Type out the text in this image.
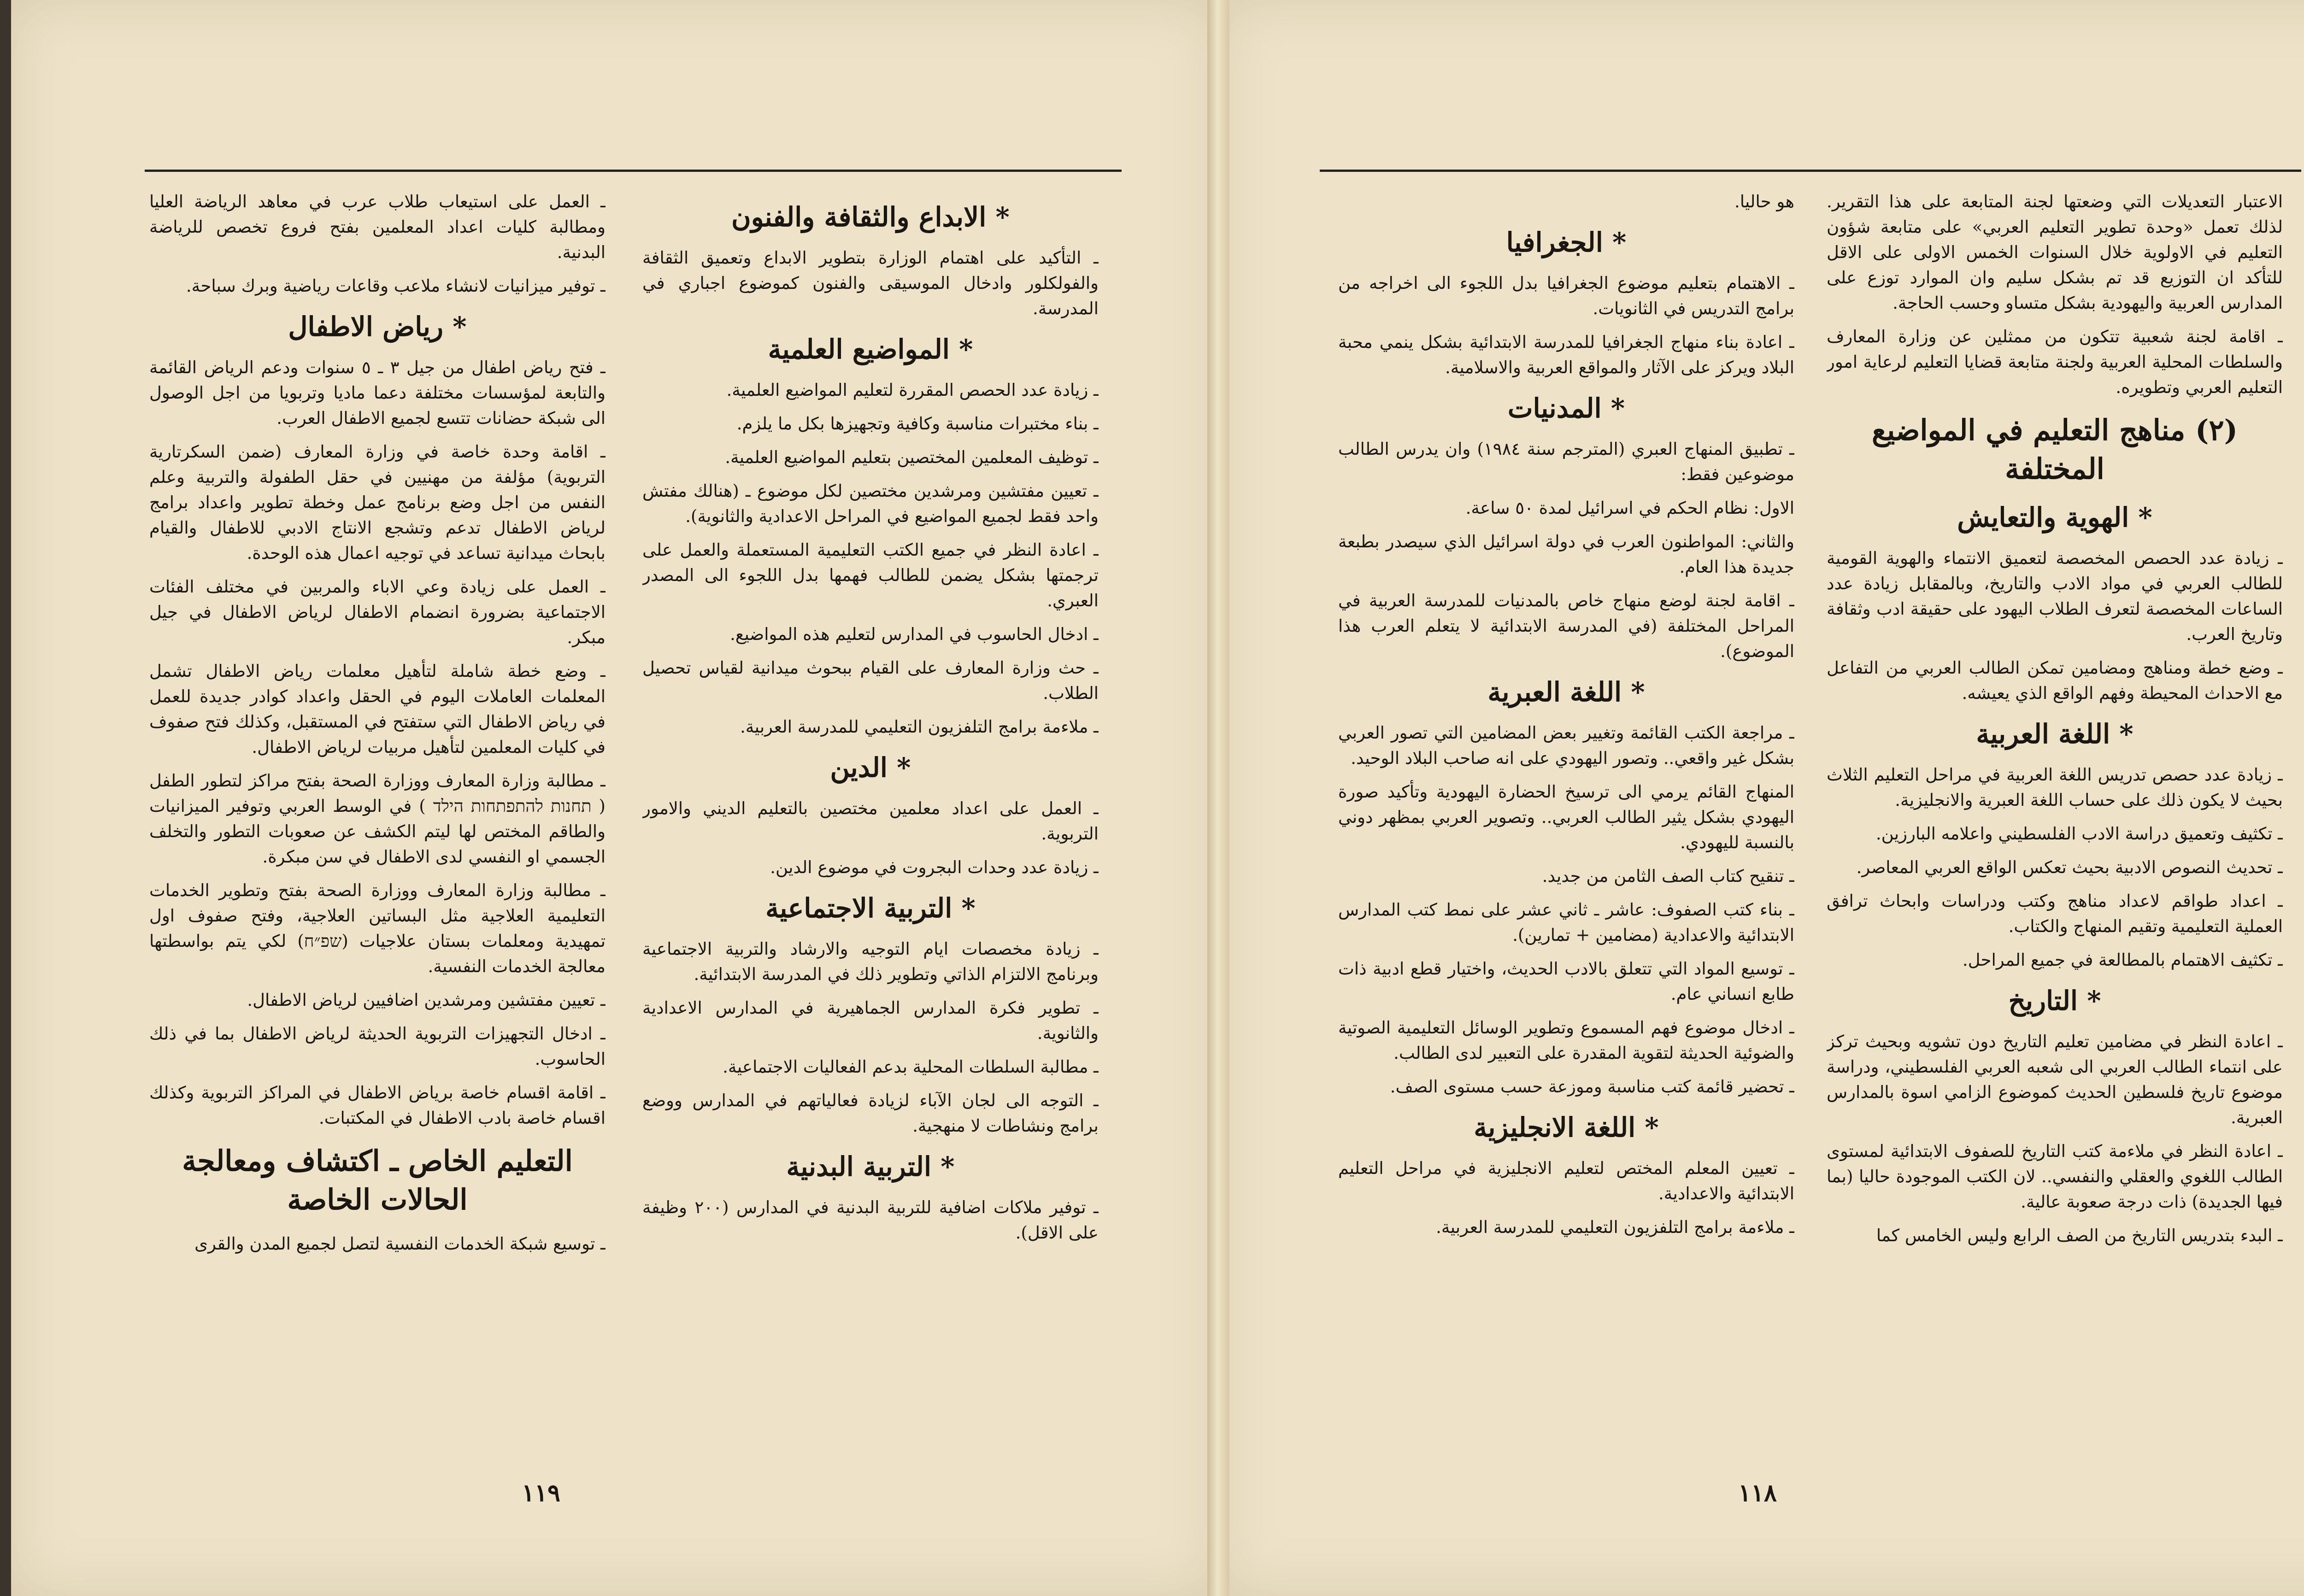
* الابداع والثقافة والفنون

ـ التأكيد على اهتمام الوزارة بتطوير الابداع وتعميق الثقافة والفولكلور وادخال الموسيقى والفنون كموضوع اجباري في المدرسة.

* المواضيع العلمية

ـ زيادة عدد الحصص المقررة لتعليم المواضيع العلمية.

ـ بناء مختبرات مناسبة وكافية وتجهيزها بكل ما يلزم.

ـ توظيف المعلمين المختصين بتعليم المواضيع العلمية.

ـ تعيين مفتشين ومرشدين مختصين لكل موضوع ـ (هنالك مفتش واحد فقط لجميع المواضيع في المراحل الاعدادية والثانوية).

ـ اعادة النظر في جميع الكتب التعليمية المستعملة والعمل على ترجمتها بشكل يضمن للطالب فهمها بدل اللجوء الى المصدر العبري.

ـ ادخال الحاسوب في المدارس لتعليم هذه المواضيع.

ـ حث وزارة المعارف على القيام ببحوث ميدانية لقياس تحصيل الطلاب.

ـ ملاءمة برامج التلفزيون التعليمي للمدرسة العربية.

* الدين

ـ العمل على اعداد معلمين مختصين بالتعليم الديني والامور التربوية.

ـ زيادة عدد وحدات البجروت في موضوع الدين.

* التربية الاجتماعية

ـ زيادة مخصصات ايام التوجيه والارشاد والتربية الاجتماعية وبرنامج الالتزام الذاتي وتطوير ذلك في المدرسة الابتدائية.

ـ تطوير فكرة المدارس الجماهيرية في المدارس الاعدادية والثانوية.

ـ مطالبة السلطات المحلية بدعم الفعاليات الاجتماعية.

ـ التوجه الى لجان الآباء لزيادة فعالياتهم في المدارس ووضع برامج ونشاطات لا منهجية.

* التربية البدنية

ـ توفير ملاكات اضافية للتربية البدنية في المدارس (٢٠٠ وظيفة على الاقل).

ـ العمل على استيعاب طلاب عرب في معاهد الرياضة العليا ومطالبة كليات اعداد المعلمين بفتح فروع تخصص للرياضة البدنية.

ـ توفير ميزانيات لانشاء ملاعب وقاعات رياضية وبرك سباحة.

* رياض الاطفال

ـ فتح رياض اطفال من جيل ٣ ـ ٥ سنوات ودعم الرياض القائمة والتابعة لمؤسسات مختلفة دعما ماديا وتربويا من اجل الوصول الى شبكة حضانات تتسع لجميع الاطفال العرب.

ـ اقامة وحدة خاصة في وزارة المعارف (ضمن السكرتارية التربوية) مؤلفة من مهنيين في حقل الطفولة والتربية وعلم النفس من اجل وضع برنامج عمل وخطة تطوير واعداد برامج لرياض الاطفال تدعم وتشجع الانتاج الادبي للاطفال والقيام بابحاث ميدانية تساعد في توجيه اعمال هذه الوحدة.

ـ العمل على زيادة وعي الاباء والمربين في مختلف الفئات الاجتماعية بضرورة انضمام الاطفال لرياض الاطفال في جيل مبكر.

ـ وضع خطة شاملة لتأهيل معلمات رياض الاطفال تشمل المعلمات العاملات اليوم في الحقل واعداد كوادر جديدة للعمل في رياض الاطفال التي ستفتح في المستقبل، وكذلك فتح صفوف في كليات المعلمين لتأهيل مربيات لرياض الاطفال.

ـ مطالبة وزارة المعارف ووزارة الصحة بفتح مراكز لتطور الطفل ( תחנות להתפתחות הילד ) في الوسط العربي وتوفير الميزانيات والطاقم المختص لها ليتم الكشف عن صعوبات التطور والتخلف الجسمي او النفسي لدى الاطفال في سن مبكرة.

ـ مطالبة وزارة المعارف ووزارة الصحة بفتح وتطوير الخدمات التعليمية العلاجية مثل البساتين العلاجية، وفتح صفوف اول تمهيدية ومعلمات بستان علاجيات (שפ״ח) لكي يتم بواسطتها معالجة الخدمات النفسية.

ـ تعيين مفتشين ومرشدين اضافيين لرياض الاطفال.

ـ ادخال التجهيزات التربوية الحديثة لرياض الاطفال بما في ذلك الحاسوب.

ـ اقامة اقسام خاصة برياض الاطفال في المراكز التربوية وكذلك اقسام خاصة بادب الاطفال في المكتبات.

التعليم الخاص ـ اكتشاف ومعالجة الحالات الخاصة

ـ توسيع شبكة الخدمات النفسية لتصل لجميع المدن والقرى

١١٩

الاعتبار التعديلات التي وضعتها لجنة المتابعة على هذا التقرير. لذلك تعمل «وحدة تطوير التعليم العربي» على متابعة شؤون التعليم في الاولوية خلال السنوات الخمس الاولى على الاقل للتأكد ان التوزيع قد تم بشكل سليم وان الموارد توزع على المدارس العربية واليهودية بشكل متساو وحسب الحاجة.

ـ اقامة لجنة شعبية تتكون من ممثلين عن وزارة المعارف والسلطات المحلية العربية ولجنة متابعة قضايا التعليم لرعاية امور التعليم العربي وتطويره.

(٢) مناهج التعليم في المواضيع المختلفة
* الهوية والتعايش

ـ زيادة عدد الحصص المخصصة لتعميق الانتماء والهوية القومية للطالب العربي في مواد الادب والتاريخ، وبالمقابل زيادة عدد الساعات المخصصة لتعرف الطلاب اليهود على حقيقة ادب وثقافة وتاريخ العرب.

ـ وضع خطة ومناهج ومضامين تمكن الطالب العربي من التفاعل مع الاحداث المحيطة وفهم الواقع الذي يعيشه.

* اللغة العربية

ـ زيادة عدد حصص تدريس اللغة العربية في مراحل التعليم الثلاث بحيث لا يكون ذلك على حساب اللغة العبرية والانجليزية.

ـ تكثيف وتعميق دراسة الادب الفلسطيني واعلامه البارزين.

ـ تحديث النصوص الادبية بحيث تعكس الواقع العربي المعاصر.

ـ اعداد طواقم لاعداد مناهج وكتب ودراسات وابحاث ترافق العملية التعليمية وتقيم المنهاج والكتاب.

ـ تكثيف الاهتمام بالمطالعة في جميع المراحل.

* التاريخ

ـ اعادة النظر في مضامين تعليم التاريخ دون تشويه وبحيث تركز على انتماء الطالب العربي الى شعبه العربي الفلسطيني، ودراسة موضوع تاريخ فلسطين الحديث كموضوع الزامي اسوة بالمدارس العبرية.

ـ اعادة النظر في ملاءمة كتب التاريخ للصفوف الابتدائية لمستوى الطالب اللغوي والعقلي والنفسي.. لان الكتب الموجودة حاليا (بما فيها الجديدة) ذات درجة صعوبة عالية.

ـ البدء بتدريس التاريخ من الصف الرابع وليس الخامس كما

هو حاليا.

* الجغرافيا

ـ الاهتمام بتعليم موضوع الجغرافيا بدل اللجوء الى اخراجه من برامج التدريس في الثانويات.

ـ اعادة بناء منهاج الجغرافيا للمدرسة الابتدائية بشكل ينمي محبة البلاد ويركز على الآثار والمواقع العربية والاسلامية.

* المدنيات

ـ تطبيق المنهاج العبري (المترجم سنة ١٩٨٤) وان يدرس الطالب موضوعين فقط:

الاول: نظام الحكم في اسرائيل لمدة ٥٠ ساعة.

والثاني: المواطنون العرب في دولة اسرائيل الذي سيصدر بطبعة جديدة هذا العام.

ـ اقامة لجنة لوضع منهاج خاص بالمدنيات للمدرسة العربية في المراحل المختلفة (في المدرسة الابتدائية لا يتعلم العرب هذا الموضوع).

* اللغة العبرية

ـ مراجعة الكتب القائمة وتغيير بعض المضامين التي تصور العربي بشكل غير واقعي.. وتصور اليهودي على انه صاحب البلاد الوحيد.

المنهاج القائم يرمي الى ترسيخ الحضارة اليهودية وتأكيد صورة اليهودي بشكل يثير الطالب العربي.. وتصوير العربي بمظهر دوني بالنسبة لليهودي.

ـ تنقيح كتاب الصف الثامن من جديد.

ـ بناء كتب الصفوف: عاشر ـ ثاني عشر على نمط كتب المدارس الابتدائية والاعدادية (مضامين + تمارين).

ـ توسيع المواد التي تتعلق بالادب الحديث، واختيار قطع ادبية ذات طابع انساني عام.

ـ ادخال موضوع فهم المسموع وتطوير الوسائل التعليمية الصوتية والضوئية الحديثة لتقوية المقدرة على التعبير لدى الطالب.

ـ تحضير قائمة كتب مناسبة وموزعة حسب مستوى الصف.

* اللغة الانجليزية

ـ تعيين المعلم المختص لتعليم الانجليزية في مراحل التعليم الابتدائية والاعدادية.

ـ ملاءمة برامج التلفزيون التعليمي للمدرسة العربية.

١١٨
